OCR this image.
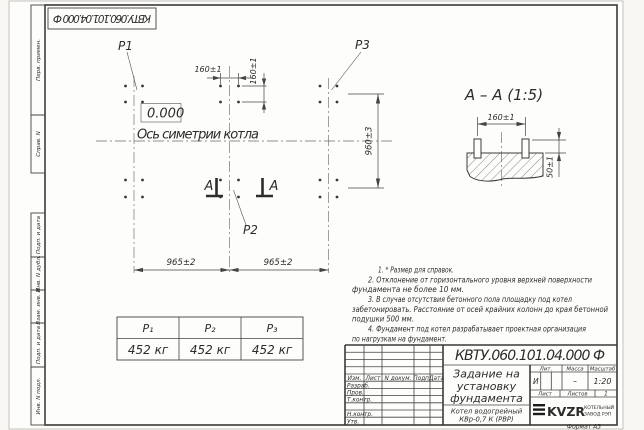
Перв. примен.
Справ. N
Подп. и дата
Инв. N дубл.
Взам. инв. N
Подп. и дата
Инв. N подл.
КВТУ.060.101.04.000 Ф
P1	P3
P2
0.000
Ось симетрии котла
160±1	160±1
960±3
965±2	965±2
А	А
А – А (1:5)
160±1
50±1
1. * Размер для справок.
2. Отклонение от горизонтального уровня верхней поверхности
фундамента не более 10 мм.
3. В случае отсутствия бетонного пола площадку под котел
забетонировать. Расстояние от осей крайних колонн до края бетонной
подушки 500 мм.
4. Фундамент под котел разрабатывает проектная организация
по нагрузкам на фундамент.
P₁	P₂	P₃
452 кг 452 кг 452 кг
Изм. Лист N докум. Подп.
Дата
Разраб.
Пров.
Т.контр.
Н.контр.
Утв.
КВТУ.060.101.04.000 Ф
Задание на
установку
фундамента
Котел водогрейный
КВр-0,7 К (РВР)
Лит.	Масса Масштаб
И	– 1:20
Лист	Листов	1
KVZR
КОТЕЛЬНЫЙ
ЗАВОД РЭП
Формат А3
